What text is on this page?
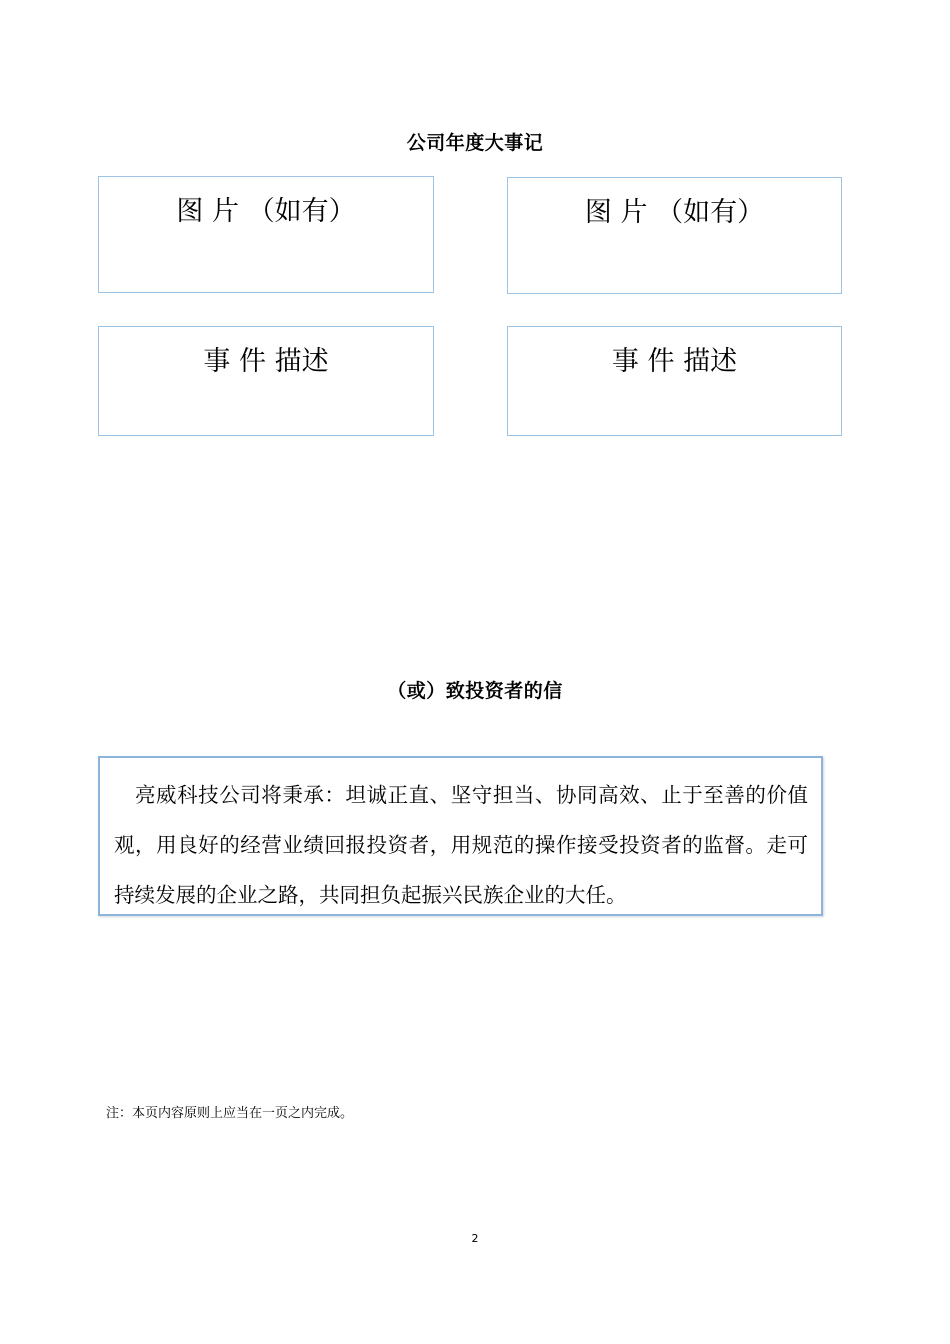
公司年度大事记
图 片 （如有）	图 片 （如有）
事 件 描述	事 件 描述
（或）致投资者的信

亮威科技公司将秉承：坦诚正直、坚守担当、协同高效、止于至善的价值观，用良好的经营业绩回报投资者，用规范的操作接受投资者的监督。走可持续发展的企业之路，共同担负起振兴民族企业的大任。

注：本页内容原则上应当在一页之内完成。
2
